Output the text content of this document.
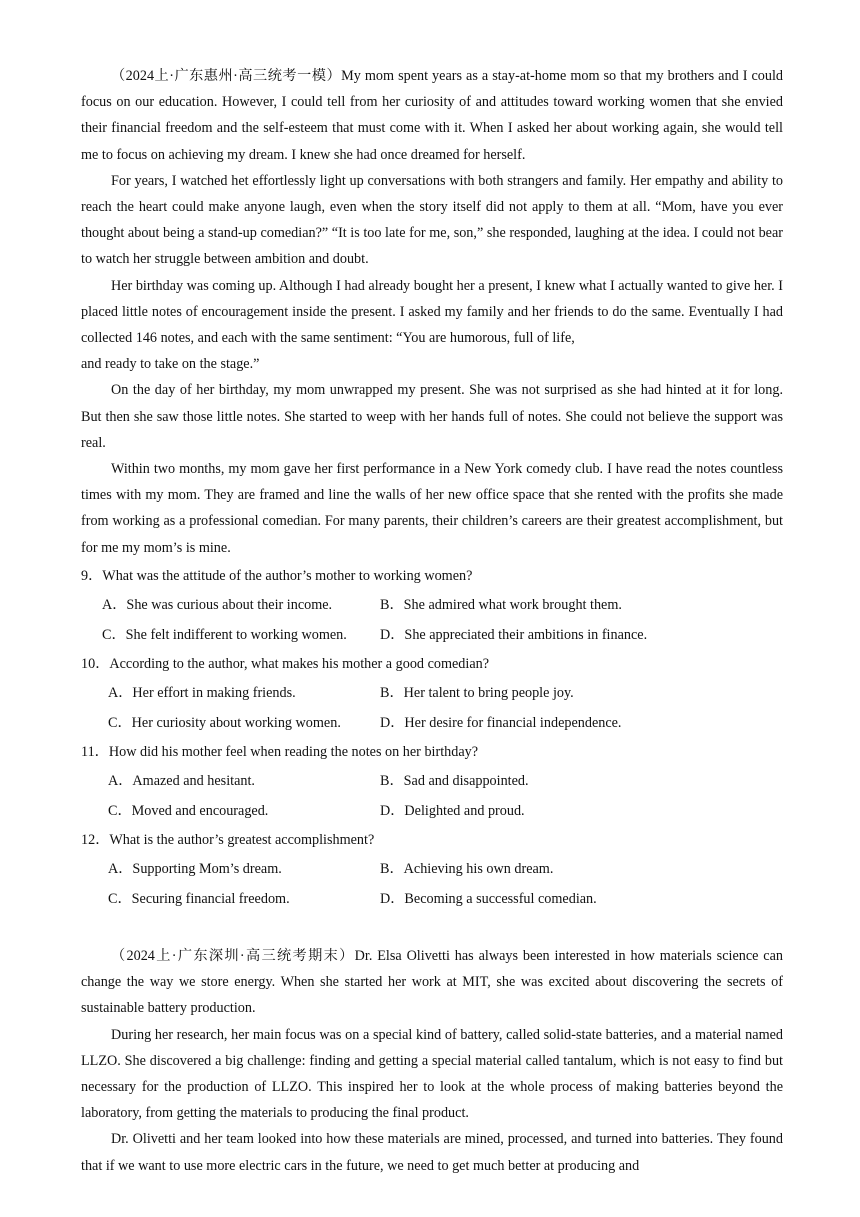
（2024上·广东惠州·高三统考一模）My mom spent years as a stay-at-home mom so that my brothers and I could focus on our education. However, I could tell from her curiosity of and attitudes toward working women that she envied their financial freedom and the self-esteem that must come with it. When I asked her about working again, she would tell me to focus on achieving my dream. I knew she had once dreamed for herself.

For years, I watched het effortlessly light up conversations with both strangers and family. Her empathy and ability to reach the heart could make anyone laugh, even when the story itself did not apply to them at all. “Mom, have you ever thought about being a stand-up comedian?” “It is too late for me, son,” she responded, laughing at the idea. I could not bear to watch her struggle between ambition and doubt.

Her birthday was coming up. Although I had already bought her a present, I knew what I actually wanted to give her. I placed little notes of encouragement inside the present. I asked my family and her friends to do the same. Eventually I had collected 146 notes, and each with the same sentiment: “You are humorous, full of life,

and ready to take on the stage.”

On the day of her birthday, my mom unwrapped my present. She was not surprised as she had hinted at it for long. But then she saw those little notes. She started to weep with her hands full of notes. She could not believe the support was real.

Within two months, my mom gave her first performance in a New York comedy club. I have read the notes countless times with my mom. They are framed and line the walls of her new office space that she rented with the profits she made from working as a professional comedian. For many parents, their children’s careers are their greatest accomplishment, but for me my mom’s is mine.

9．What was the attitude of the author’s mother to working women?
A．She was curious about their income.	B．She admired what work brought them.
C．She felt indifferent to working women. D．She appreciated their ambitions in finance.
10．According to the author, what makes his mother a good comedian?
A．Her effort in making friends.	B．Her talent to bring people joy.
C．Her curiosity about working women.	D．Her desire for financial independence.
11．How did his mother feel when reading the notes on her birthday?
A．Amazed and hesitant.	B．Sad and disappointed.
C．Moved and encouraged.	D．Delighted and proud.
12．What is the author’s greatest accomplishment?
A．Supporting Mom’s dream.	B．Achieving his own dream.
C．Securing financial freedom.	D．Becoming a successful comedian.

（2024上·广东深圳·高三统考期末）Dr. Elsa Olivetti has always been interested in how materials science can change the way we store energy. When she started her work at MIT, she was excited about discovering the secrets of sustainable battery production.

During her research, her main focus was on a special kind of battery, called solid-state batteries, and a material named LLZO. She discovered a big challenge: finding and getting a special material called tantalum, which is not easy to find but necessary for the production of LLZO. This inspired her to look at the whole process of making batteries beyond the laboratory, from getting the materials to producing the final product.

Dr. Olivetti and her team looked into how these materials are mined, processed, and turned into batteries. They found that if we want to use more electric cars in the future, we need to get much better at producing and
